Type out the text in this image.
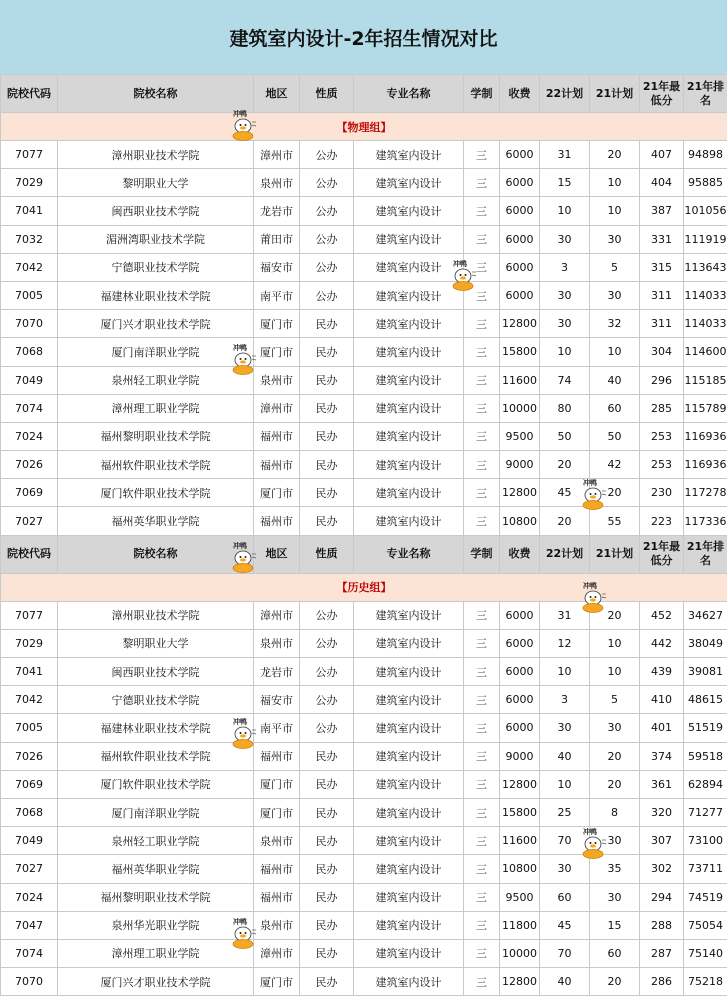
建筑室内设计-2年招生情况对比
院校代码	院校名称	地区	性质	专业名称	学制	收费	22计划	21计划	21年最低分	21年排名
【物理组】										
7077	漳州职业技术学院	漳州市	公办	建筑室内设计	三	6000	31	20	407	94898
7029	黎明职业大学	泉州市	公办	建筑室内设计	三	6000	15	10	404	95885
7041	闽西职业技术学院	龙岩市	公办	建筑室内设计	三	6000	10	10	387	101056
7032	湄洲湾职业技术学院	莆田市	公办	建筑室内设计	三	6000	30	30	331	111919
7042	宁德职业技术学院	福安市	公办	建筑室内设计	三	6000	3	5	315	113643
7005	福建林业职业技术学院	南平市	公办	建筑室内设计	三	6000	30	30	311	114033
7070	厦门兴才职业技术学院	厦门市	民办	建筑室内设计	三	12800	30	32	311	114033
7068	厦门南洋职业学院	厦门市	民办	建筑室内设计	三	15800	10	10	304	114600
7049	泉州轻工职业学院	泉州市	民办	建筑室内设计	三	11600	74	40	296	115185
7074	漳州理工职业学院	漳州市	民办	建筑室内设计	三	10000	80	60	285	115789
7024	福州黎明职业技术学院	福州市	民办	建筑室内设计	三	9500	50	50	253	116936
7026	福州软件职业技术学院	福州市	民办	建筑室内设计	三	9000	20	42	253	116936
7069	厦门软件职业技术学院	厦门市	民办	建筑室内设计	三	12800	45	20	230	117278
7027	福州英华职业学院	福州市	民办	建筑室内设计	三	10800	20	55	223	117336
院校代码	院校名称	地区	性质	专业名称	学制	收费	22计划	21计划	21年最低分	21年排名
【历史组】										
7077	漳州职业技术学院	漳州市	公办	建筑室内设计	三	6000	31	20	452	34627
7029	黎明职业大学	泉州市	公办	建筑室内设计	三	6000	12	10	442	38049
7041	闽西职业技术学院	龙岩市	公办	建筑室内设计	三	6000	10	10	439	39081
7042	宁德职业技术学院	福安市	公办	建筑室内设计	三	6000	3	5	410	48615
7005	福建林业职业技术学院	南平市	公办	建筑室内设计	三	6000	30	30	401	51519
7026	福州软件职业技术学院	福州市	民办	建筑室内设计	三	9000	40	20	374	59518
7069	厦门软件职业技术学院	厦门市	民办	建筑室内设计	三	12800	10	20	361	62894
7068	厦门南洋职业学院	厦门市	民办	建筑室内设计	三	15800	25	8	320	71277
7049	泉州轻工职业学院	泉州市	民办	建筑室内设计	三	11600	70	30	307	73100
7027	福州英华职业学院	福州市	民办	建筑室内设计	三	10800	30	35	302	73711
7024	福州黎明职业技术学院	福州市	民办	建筑室内设计	三	9500	60	30	294	74519
7047	泉州华光职业学院	泉州市	民办	建筑室内设计	三	11800	45	15	288	75054
7074	漳州理工职业学院	漳州市	民办	建筑室内设计	三	10000	70	60	287	75140
7070	厦门兴才职业技术学院	厦门市	民办	建筑室内设计	三	12800	40	20	286	75218
冲鸭
冲鸭
冲鸭
冲鸭
冲鸭
冲鸭
冲鸭
冲鸭
冲鸭
